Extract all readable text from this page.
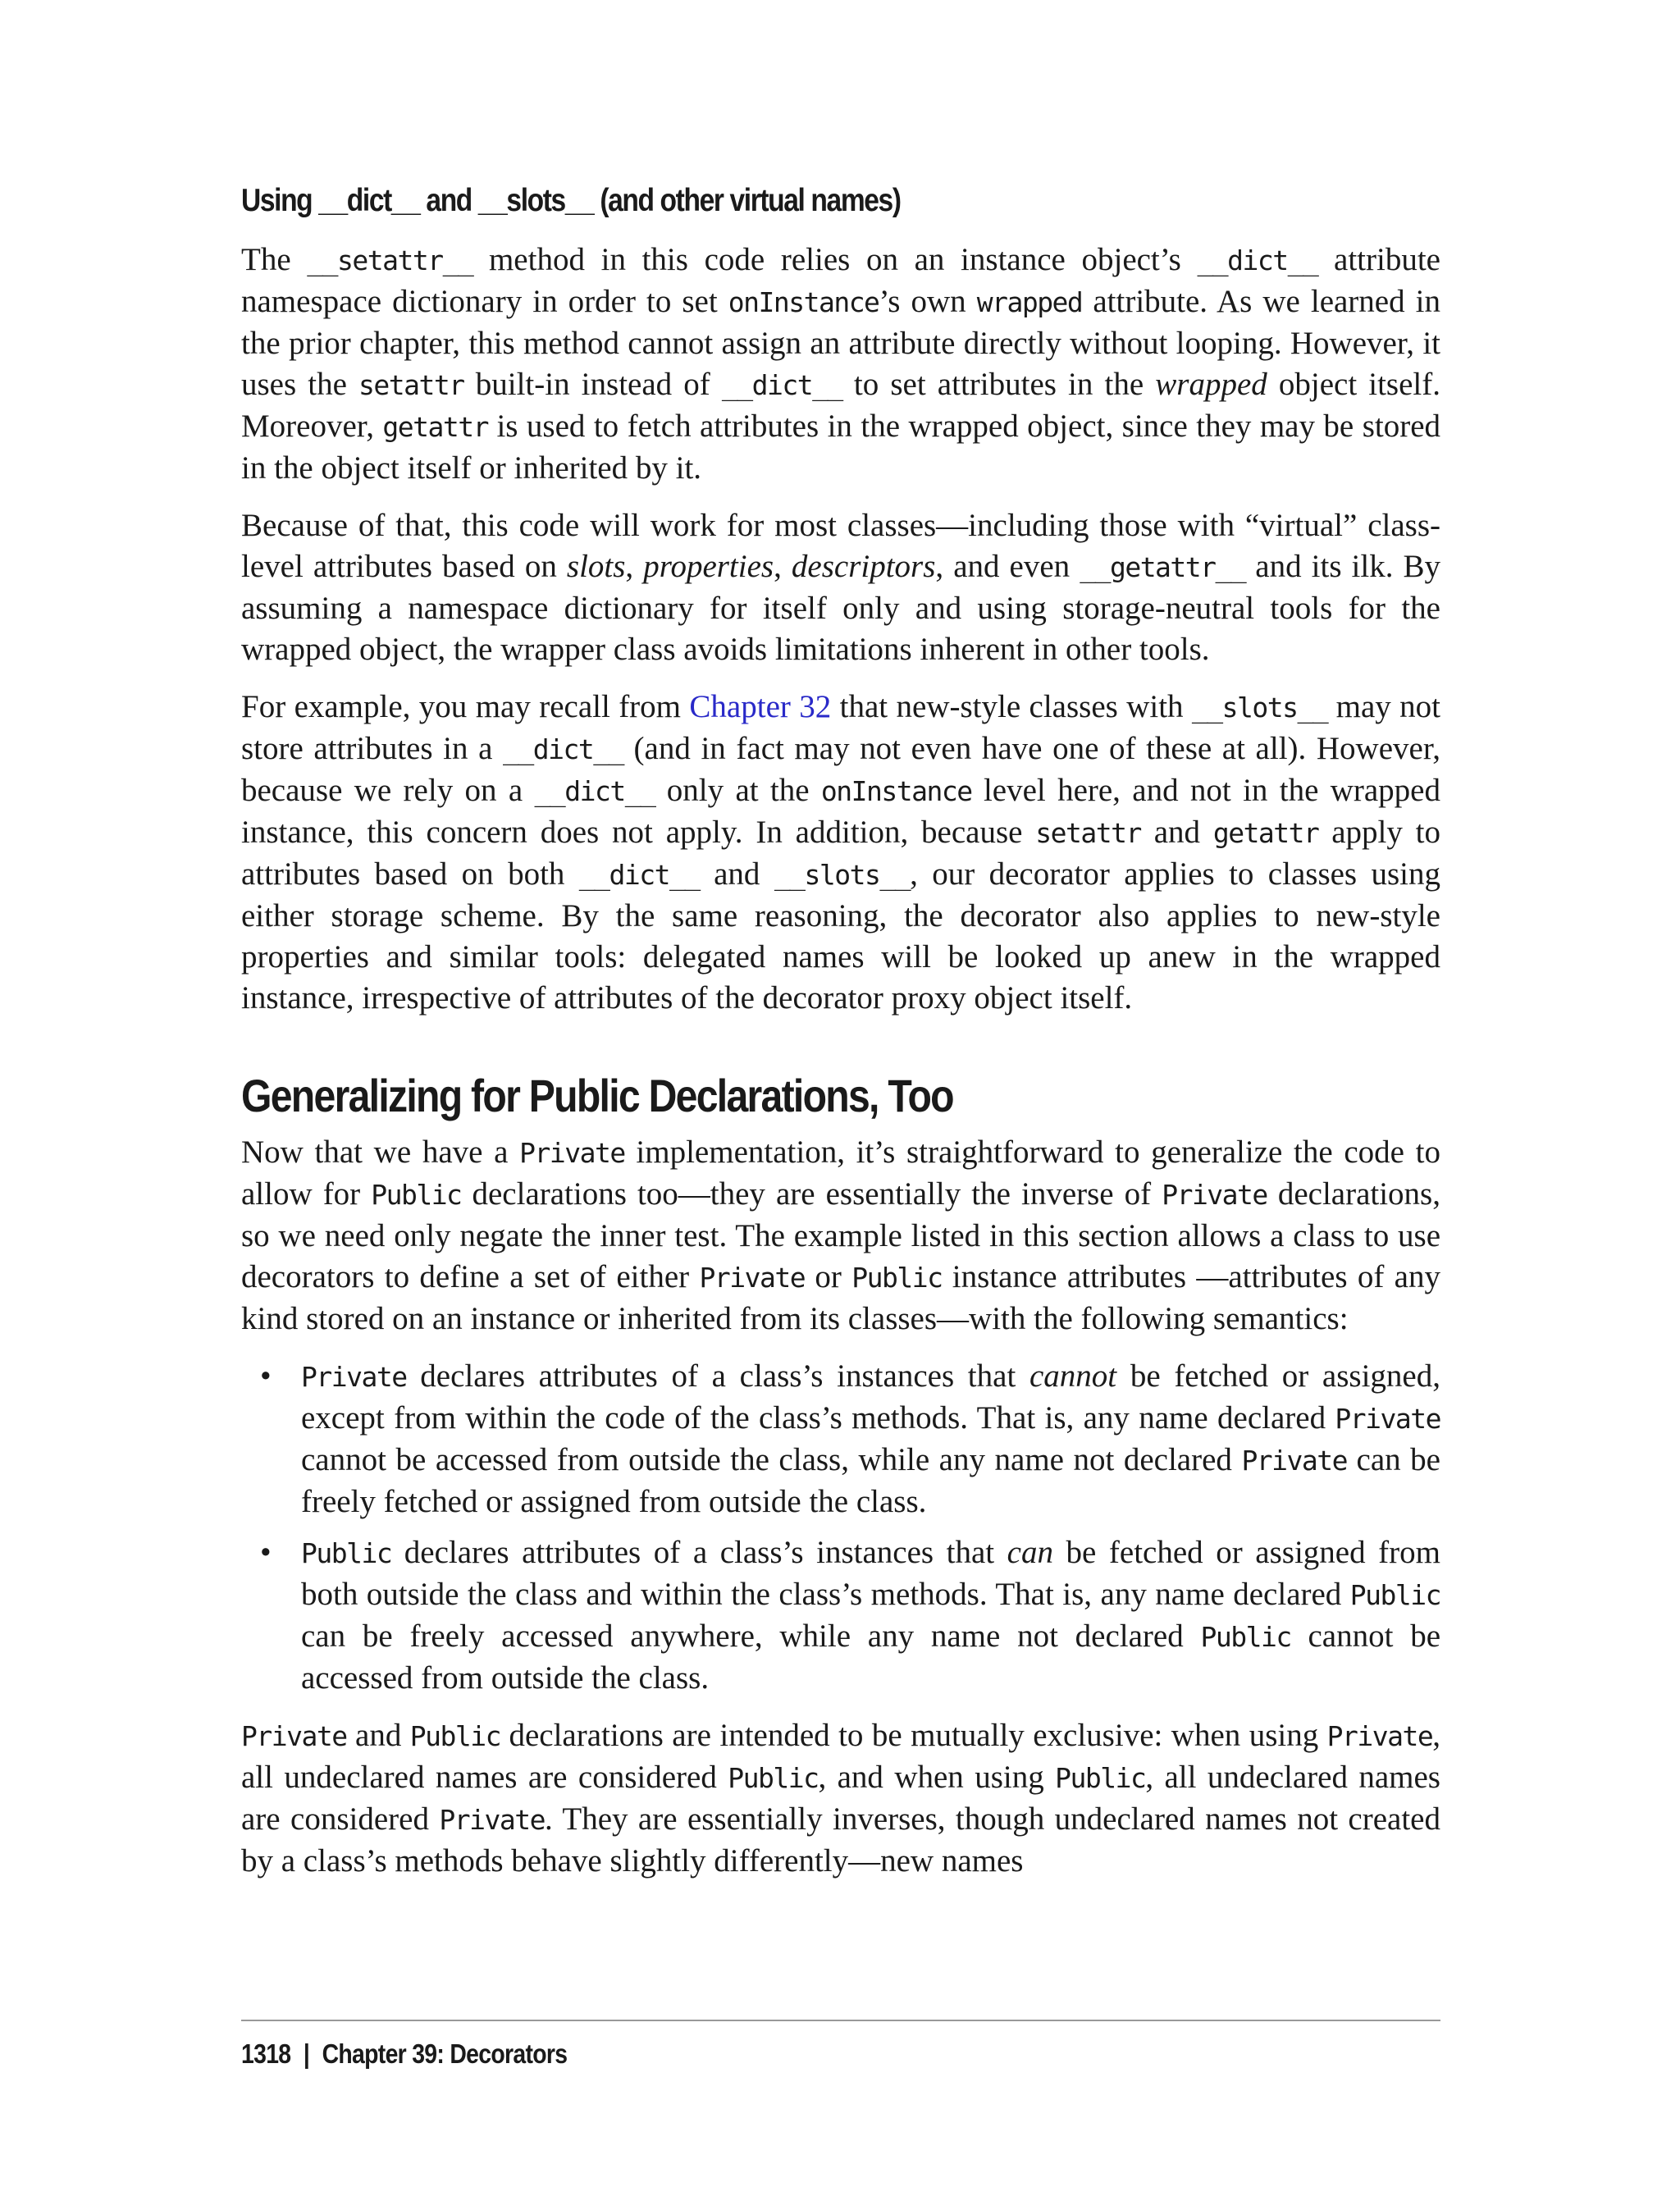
Using __dict__ and __slots__ (and other virtual names)

The __setattr__ method in this code relies on an instance object’s __dict__ attribute namespace dictionary in order to set onInstance’s own wrapped attribute. As we learned in the prior chapter, this method cannot assign an attribute directly without looping. However, it uses the setattr built-in instead of __dict__ to set attributes in the wrapped object itself. Moreover, getattr is used to fetch attributes in the wrapped object, since they may be stored in the object itself or inherited by it.

Because of that, this code will work for most classes—including those with “virtual” class-level attributes based on slots, properties, descriptors, and even __getattr__ and its ilk. By assuming a namespace dictionary for itself only and using storage-neutral tools for the wrapped object, the wrapper class avoids limitations inherent in other tools.

For example, you may recall from Chapter 32 that new-style classes with __slots__ may not store attributes in a __dict__ (and in fact may not even have one of these at all). However, because we rely on a __dict__ only at the onInstance level here, and not in the wrapped instance, this concern does not apply. In addition, because setattr and getattr apply to attributes based on both __dict__ and __slots__, our decorator applies to classes using either storage scheme. By the same reasoning, the decorator also applies to new-style properties and similar tools: delegated names will be looked up anew in the wrapped instance, irrespective of attributes of the decorator proxy object itself.

Generalizing for Public Declarations, Too

Now that we have a Private implementation, it’s straightforward to generalize the code to allow for Public declarations too—they are essentially the inverse of Private declarations, so we need only negate the inner test. The example listed in this section allows a class to use decorators to define a set of either Private or Public instance attributes —attributes of any kind stored on an instance or inherited from its classes—with the following semantics:

• Private declares attributes of a class’s instances that cannot be fetched or assigned, except from within the code of the class’s methods. That is, any name declared Private cannot be accessed from outside the class, while any name not declared Private can be freely fetched or assigned from outside the class.
• Public declares attributes of a class’s instances that can be fetched or assigned from both outside the class and within the class’s methods. That is, any name declared Public can be freely accessed anywhere, while any name not declared Public cannot be accessed from outside the class.

Private and Public declarations are intended to be mutually exclusive: when using Private, all undeclared names are considered Public, and when using Public, all undeclared names are considered Private. They are essentially inverses, though undeclared names not created by a class’s methods behave slightly differently—new names

1318 | Chapter 39: Decorators
